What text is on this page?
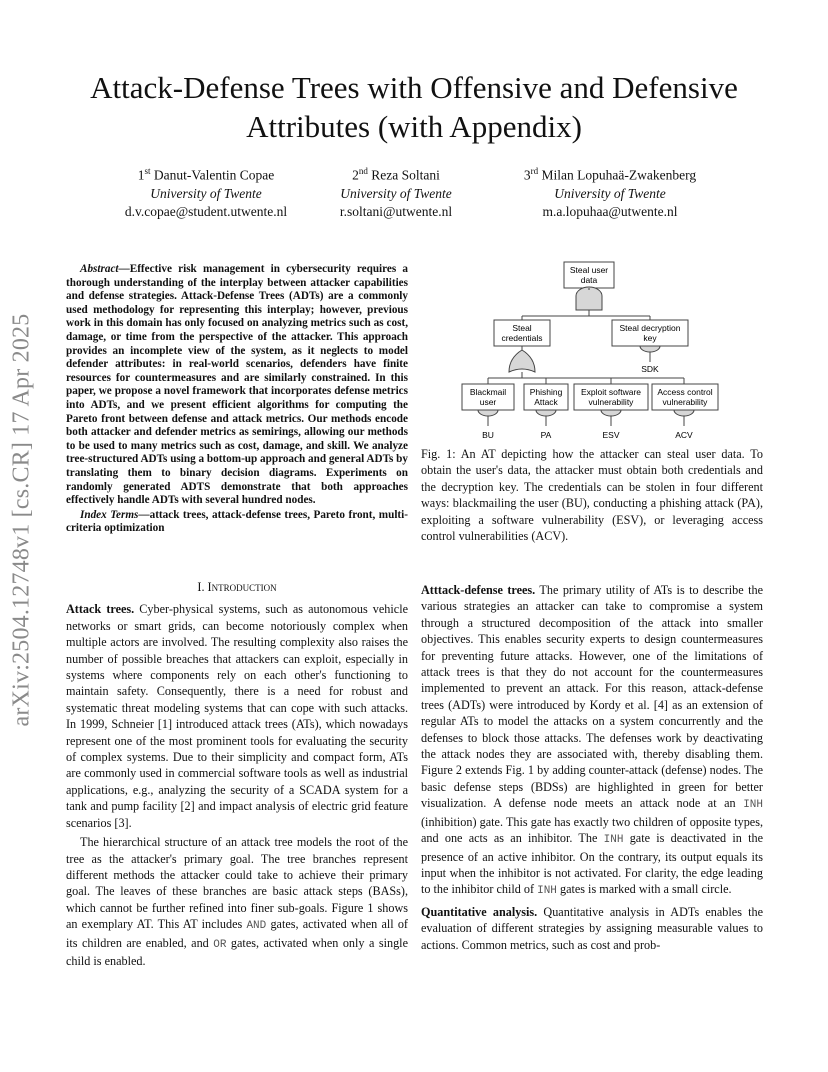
Attack-Defense Trees with Offensive and Defensive
Attributes (with Appendix)
1st Danut-Valentin Copae
University of Twente
d.v.copae@student.utwente.nl
2nd Reza Soltani
University of Twente
r.soltani@utwente.nl
3rd Milan Lopuhaä-Zwakenberg
University of Twente
m.a.lopuhaa@utwente.nl
arXiv:2504.12748v1 [cs.CR] 17 Apr 2025

Abstract—Effective risk management in cybersecurity requires a thorough understanding of the interplay between attacker capabilities and defense strategies. Attack-Defense Trees (ADTs) are a commonly used methodology for representing this interplay; however, previous work in this domain has only focused on analyzing metrics such as cost, damage, or time from the perspective of the attacker. This approach provides an incomplete view of the system, as it neglects to model defender attributes: in real-world scenarios, defenders have finite resources for countermeasures and are similarly constrained. In this paper, we propose a novel framework that incorporates defense metrics into ADTs, and we present efficient algorithms for computing the Pareto front between defense and attack metrics. Our methods encode both attacker and defender metrics as semirings, allowing our methods to be used to many metrics such as cost, damage, and skill. We analyze tree-structured ADTs using a bottom-up approach and general ADTs by translating them to binary decision diagrams. Experiments on randomly generated ADTS demonstrate that both approaches effectively handle ADTs with several hundred nodes.

Index Terms—attack trees, attack-defense trees, Pareto front, multi-criteria optimization

I. Introduction

Attack trees. Cyber-physical systems, such as autonomous vehicle networks or smart grids, can become notoriously complex when multiple actors are involved. The resulting complexity also raises the number of possible breaches that attackers can exploit, especially in systems where components rely on each other's functioning to maintain safety. Consequently, there is a need for robust and systematic threat modeling systems that can cope with such attacks. In 1999, Schneier [1] introduced attack trees (ATs), which nowadays represent one of the most prominent tools for evaluating the security of complex systems. Due to their simplicity and compact form, ATs are commonly used in commercial software tools as well as industrial applications, e.g., analyzing the security of a SCADA system for a tank and pump facility [2] and impact analysis of electric grid feature scenarios [3].

The hierarchical structure of an attack tree models the root of the tree as the attacker's primary goal. The tree branches represent different methods the attacker could take to achieve their primary goal. The leaves of these branches are basic attack steps (BASs), which cannot be further refined into finer sub-goals. Figure 1 shows an exemplary AT. This AT includes AND gates, activated when all of its children are enabled, and OR gates, activated when only a single child is enabled.

Steal user
data
Steal
credentials
Steal decryption
key
SDK
Blackmail
user
BU
Phishing
Attack
PA
Exploit software
vulnerability
ESV
Access control
vulnerability
ACV
Fig. 1: An AT depicting how the attacker can steal user data. To obtain the user's data, the attacker must obtain both credentials and the decryption key. The credentials can be stolen in four different ways: blackmailing the user (BU), conducting a phishing attack (PA), exploiting a software vulnerability (ESV), or leveraging access control vulnerabilities (ACV).

Atttack-defense trees. The primary utility of ATs is to describe the various strategies an attacker can take to compromise a system through a structured decomposition of the attack into smaller objectives. This enables security experts to design countermeasures for preventing future attacks. However, one of the limitations of attack trees is that they do not account for the countermeasures implemented to prevent an attack. For this reason, attack-defense trees (ADTs) were introduced by Kordy et al. [4] as an extension of regular ATs to model the attacks on a system concurrently and the defenses to block those attacks. The defenses work by deactivating the attack nodes they are associated with, thereby disabling them. Figure 2 extends Fig. 1 by adding counter-attack (defense) nodes. The basic defense steps (BDSs) are highlighted in green for better visualization. A defense node meets an attack node at an INH (inhibition) gate. This gate has exactly two children of opposite types, and one acts as an inhibitor. The INH gate is deactivated in the presence of an active inhibitor. On the contrary, its output equals its input when the inhibitor is not activated. For clarity, the edge leading to the inhibitor child of INH gates is marked with a small circle.

Quantitative analysis. Quantitative analysis in ADTs enables the evaluation of different strategies by assigning measurable values to actions. Common metrics, such as cost and prob-
